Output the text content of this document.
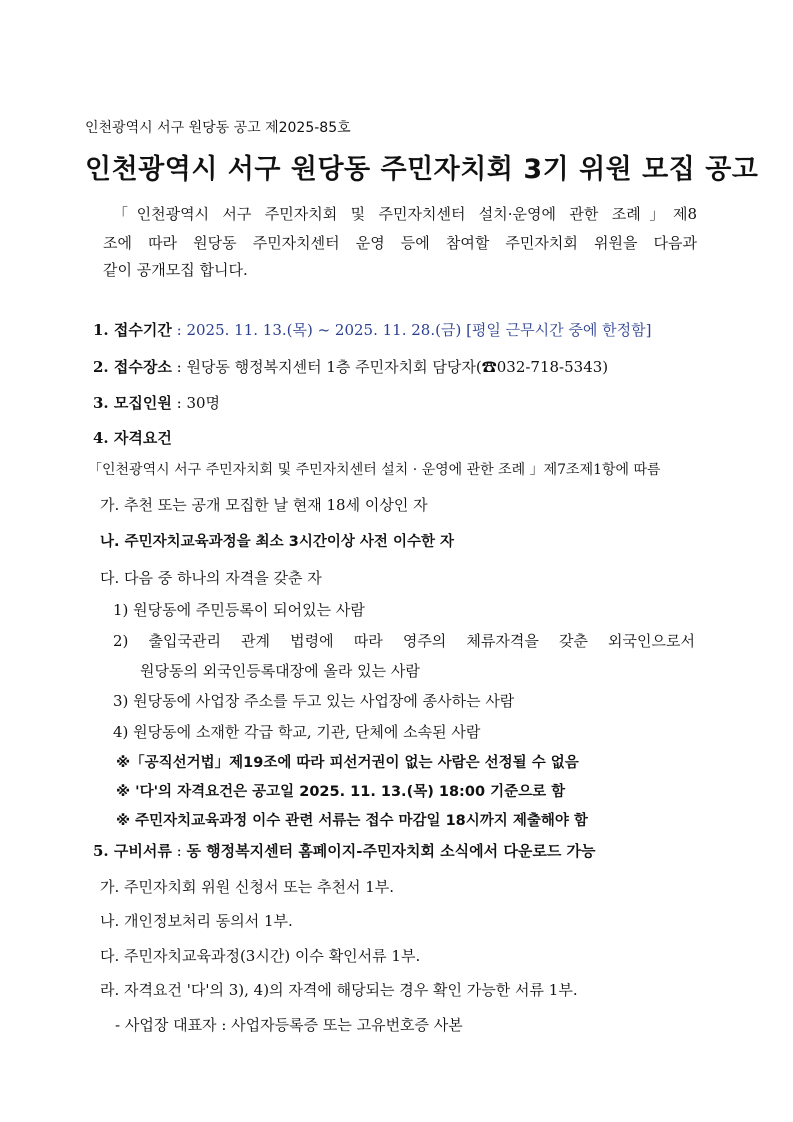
인천광역시 서구 원당동 공고 제2025-85호
인천광역시 서구 원당동 주민자치회 3기 위원 모집 공고
「인천광역시 서구 주민자치회 및 주민자치센터 설치·운영에 관한 조례」제8
조에 따라 원당동 주민자치센터 운영 등에 참여할 주민자치회 위원을 다음과
같이 공개모집 합니다.
1. 접수기간 : 2025. 11. 13.(목) ~ 2025. 11. 28.(금) [평일 근무시간 중에 한정함]
2. 접수장소 : 원당동 행정복지센터 1층 주민자치회 담당자(☎032-718-5343)
3. 모집인원 : 30명
4. 자격요건
「인천광역시 서구 주민자치회 및 주민자치센터 설치 · 운영에 관한 조례 」제7조제1항에 따름
가. 추천 또는 공개 모집한 날 현재 18세 이상인 자
나. 주민자치교육과정을 최소 3시간이상 사전 이수한 자
다. 다음 중 하나의 자격을 갖춘 자
1) 원당동에 주민등록이 되어있는 사람
2) 출입국관리 관계 법령에 따라 영주의 체류자격을 갖춘 외국인으로서
원당동의 외국인등록대장에 올라 있는 사람
3) 원당동에 사업장 주소를 두고 있는 사업장에 종사하는 사람
4) 원당동에 소재한 각급 학교, 기관, 단체에 소속된 사람
※「공직선거법」제19조에 따라 피선거권이 없는 사람은 선정될 수 없음
※ '다'의 자격요건은 공고일 2025. 11. 13.(목) 18:00 기준으로 함
※ 주민자치교육과정 이수 관련 서류는 접수 마감일 18시까지 제출해야 함
5. 구비서류 : 동 행정복지센터 홈페이지-주민자치회 소식에서 다운로드 가능
가. 주민자치회 위원 신청서 또는 추천서 1부.
나. 개인정보처리 동의서 1부.
다. 주민자치교육과정(3시간) 이수 확인서류 1부.
라. 자격요건 '다'의 3), 4)의 자격에 해당되는 경우 확인 가능한 서류 1부.
- 사업장 대표자 : 사업자등록증 또는 고유번호증 사본
